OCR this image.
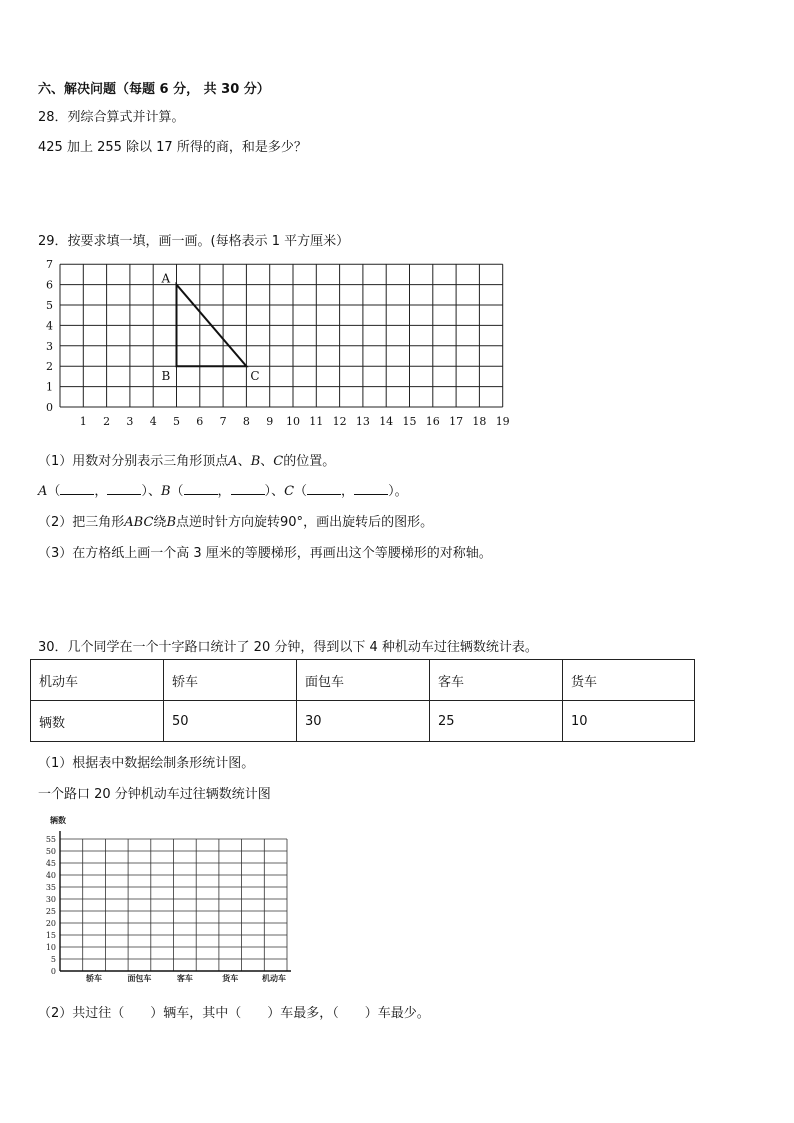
六、解决问题（每题 6 分， 共 30 分）
28．列综合算式并计算。
425 加上 255 除以 17 所得的商，和是多少？
29．按要求填一填，画一画。(每格表示 1 平方厘米）
0
1
2
3
4
5
6
7
1 2 3 4 5 6 7 8 9 10 11 12 13 14 15 16 17 18 19
A
B	C
（1）用数对分别表示三角形顶点A、B、C的位置。
A（	，	）、B（	，	）、C（	，	）。
（2）把三角形ABC绕B点逆时针方向旋转90°，画出旋转后的图形。
（3）在方格纸上画一个高 3 厘米的等腰梯形，再画出这个等腰梯形的对称轴。
30．几个同学在一个十字路口统计了 20 分钟，得到以下 4 种机动车过往辆数统计表。
机动车	轿车	面包车	客车	货车
辆数	50	30	25	10
（1）根据表中数据绘制条形统计图。
一个路口 20 分钟机动车过往辆数统计图
0
5
10
15
20
25
30
35
40
45
50
55
轿车	面包车	客车	货车
辆数
机动车
（2）共过往（　　）辆车，其中（　　）车最多，（　　）车最少。
